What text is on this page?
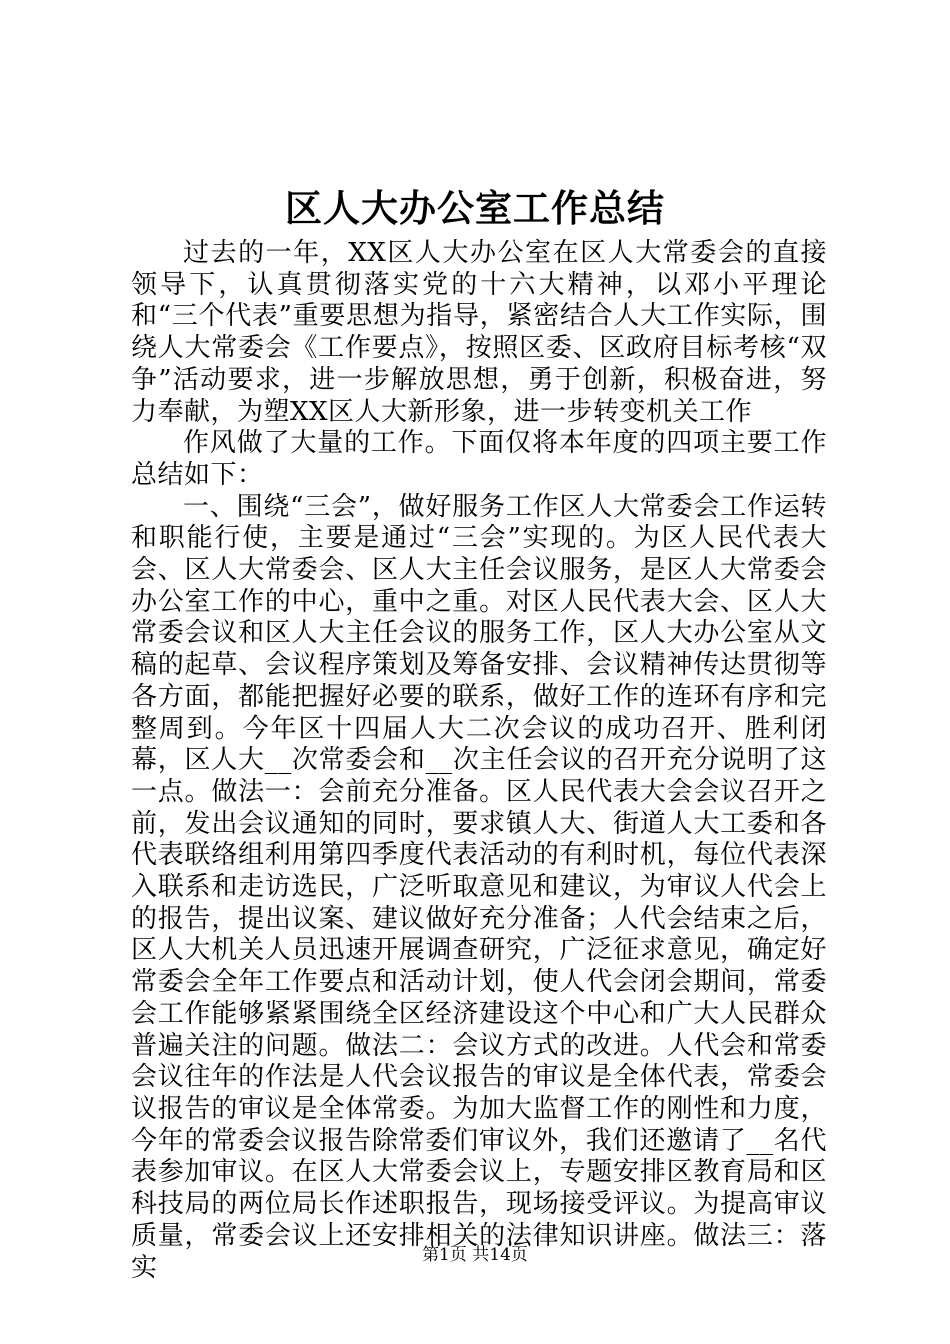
区人大办公室工作总结

过去的一年，XX区人大办公室在区人大常委会的直接领导下，认真贯彻落实党的十六大精神，以邓小平理论和“三个代表”重要思想为指导，紧密结合人大工作实际，围绕人大常委会《工作要点》，按照区委、区政府目标考核“双争”活动要求，进一步解放思想，勇于创新，积极奋进，努力奉献，为塑XX区人大新形象，进一步转变机关工作

作风做了大量的工作。下面仅将本年度的四项主要工作总结如下：

一、围绕“三会”，做好服务工作区人大常委会工作运转和职能行使，主要是通过“三会”实现的。为区人民代表大会、区人大常委会、区人大主任会议服务，是区人大常委会办公室工作的中心，重中之重。对区人民代表大会、区人大常委会议和区人大主任会议的服务工作，区人大办公室从文稿的起草、会议程序策划及筹备安排、会议精神传达贯彻等各方面，都能把握好必要的联系，做好工作的连环有序和完整周到。今年区十四届人大二次会议的成功召开、胜利闭幕，区人大__次常委会和__次主任会议的召开充分说明了这一点。做法一：会前充分准备。区人民代表大会会议召开之前，发出会议通知的同时，要求镇人大、街道人大工委和各代表联络组利用第四季度代表活动的有利时机，每位代表深入联系和走访选民，广泛听取意见和建议，为审议人代会上的报告，提出议案、建议做好充分准备；人代会结束之后，区人大机关人员迅速开展调查研究，广泛征求意见，确定好常委会全年工作要点和活动计划，使人代会闭会期间，常委会工作能够紧紧围绕全区经济建设这个中心和广大人民群众普遍关注的问题。做法二：会议方式的改进。人代会和常委会议往年的作法是人代会议报告的审议是全体代表，常委会议报告的审议是全体常委。为加大监督工作的刚性和力度，今年的常委会议报告除常委们审议外，我们还邀请了__名代表参加审议。在区人大常委会议上，专题安排区教育局和区科技局的两位局长作述职报告，现场接受评议。为提高审议质量，常委会议上还安排相关的法律知识讲座。做法三：落实	第1页 共14页
